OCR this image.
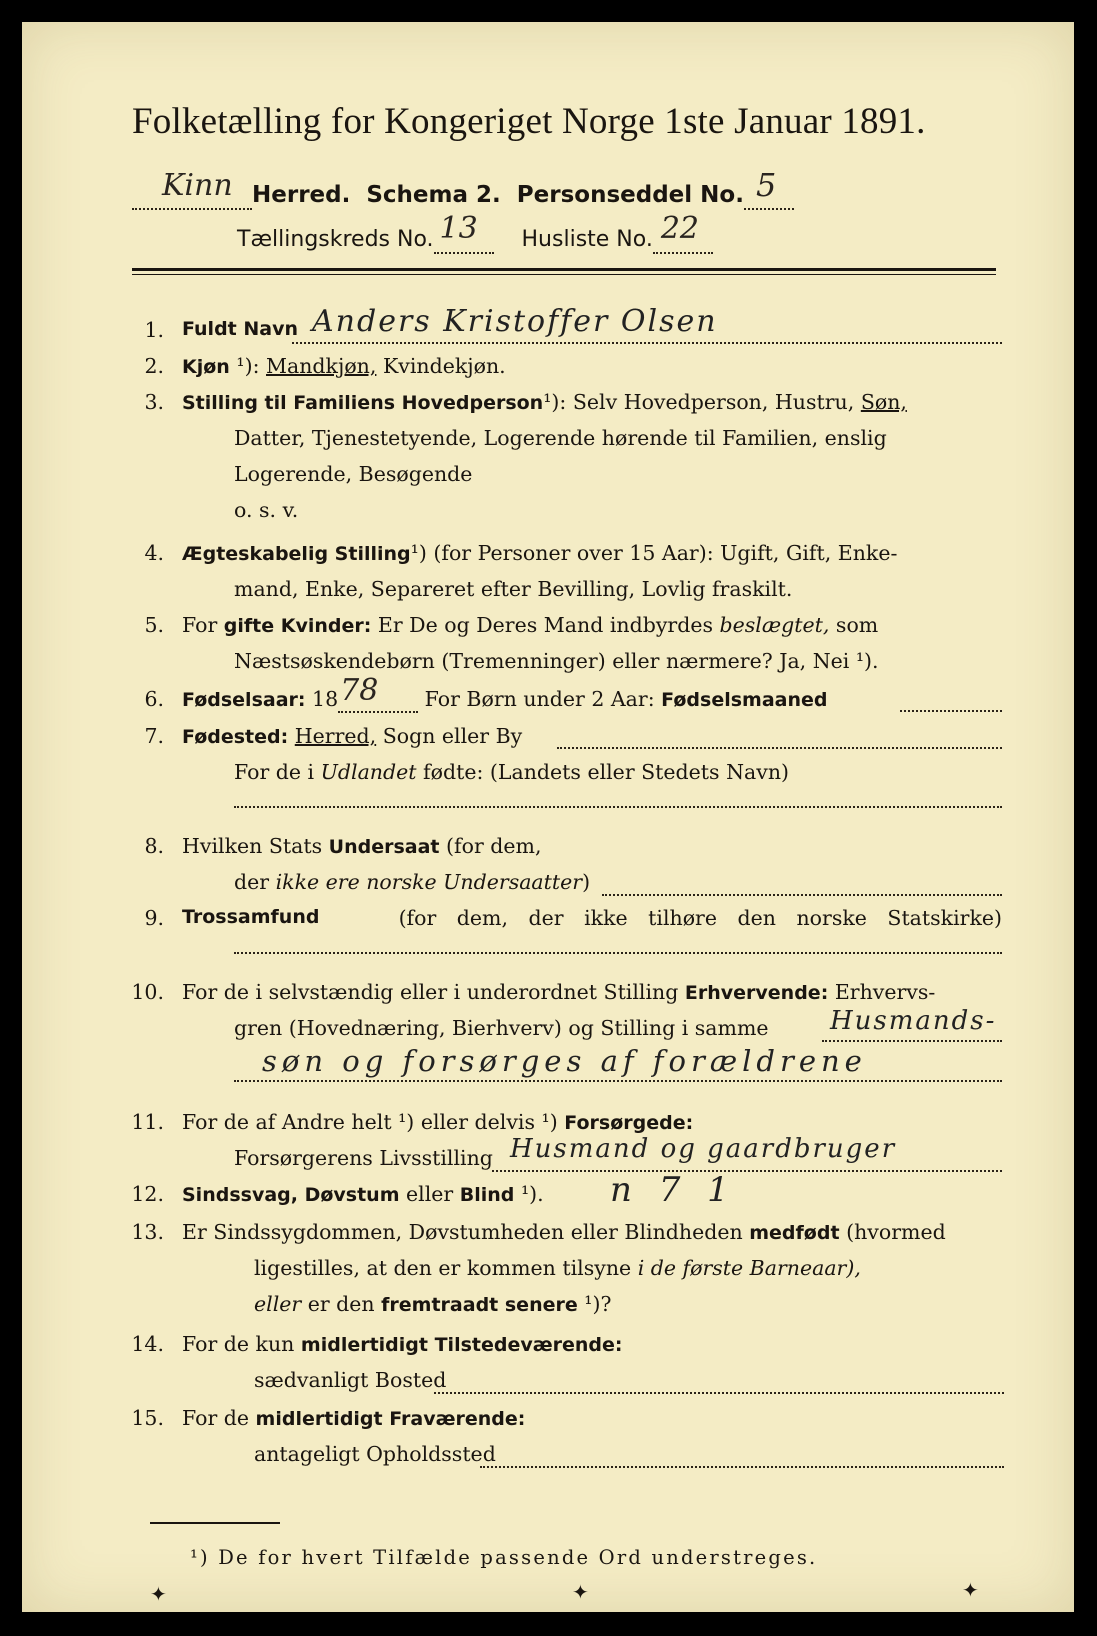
Folketælling for Kongeriget Norge 1ste Januar 1891.
Kinn Herred. Schema 2. Personseddel No. 5

Tællingskreds No. 13 Husliste No. 22

1. Fuldt Navn Anders Kristoffer Olsen
2. Kjøn ¹): Mandkjøn, Kvindekjøn.
3. Stilling til Familiens Hovedperson¹): Selv Hovedperson, Hustru, Søn,
Datter, Tjenestetyende, Logerende hørende til Familien, enslig
Logerende, Besøgende
o. s. v.
4. Ægteskabelig Stilling¹) (for Personer over 15 Aar): Ugift, Gift, Enke-
mand, Enke, Separeret efter Bevilling, Lovlig fraskilt.
5. For gifte Kvinder: Er De og Deres Mand indbyrdes beslægtet, som
Næstsøskendebørn (Tremenninger) eller nærmere? Ja, Nei ¹).
6. Fødselsaar: 18 78 For Børn under 2 Aar: Fødselsmaaned
7. Fødested: Herred, Sogn eller By
For de i Udlandet fødte: (Landets eller Stedets Navn)
8. Hvilken Stats Undersaat (for dem,
der ikke ere norske Undersaatter)
9. Trossamfund	(for dem, der ikke tilhøre den norske Statskirke)
10. For de i selvstændig eller i underordnet Stilling Erhvervende: Erhvervs-
gren (Hovednæring, Bierhverv) og Stilling i samme Husmands-
søn og forsørges af forældrene
11. For de af Andre helt ¹) eller delvis ¹) Forsørgede:
Forsørgerens Livsstilling Husmand og gaardbruger
12. Sindssvag, Døvstum eller Blind ¹). n 7 1
13. Er Sindssygdommen, Døvstumheden eller Blindheden medfødt (hvormed
ligestilles, at den er kommen tilsyne i de første Barneaar),
eller er den fremtraadt senere ¹)?
14. For de kun midlertidigt Tilstedeværende:
sædvanligt Bosted
15. For de midlertidigt Fraværende:
antageligt Opholdssted
¹) De for hvert Tilfælde passende Ord understreges.
✦	✦	✦
